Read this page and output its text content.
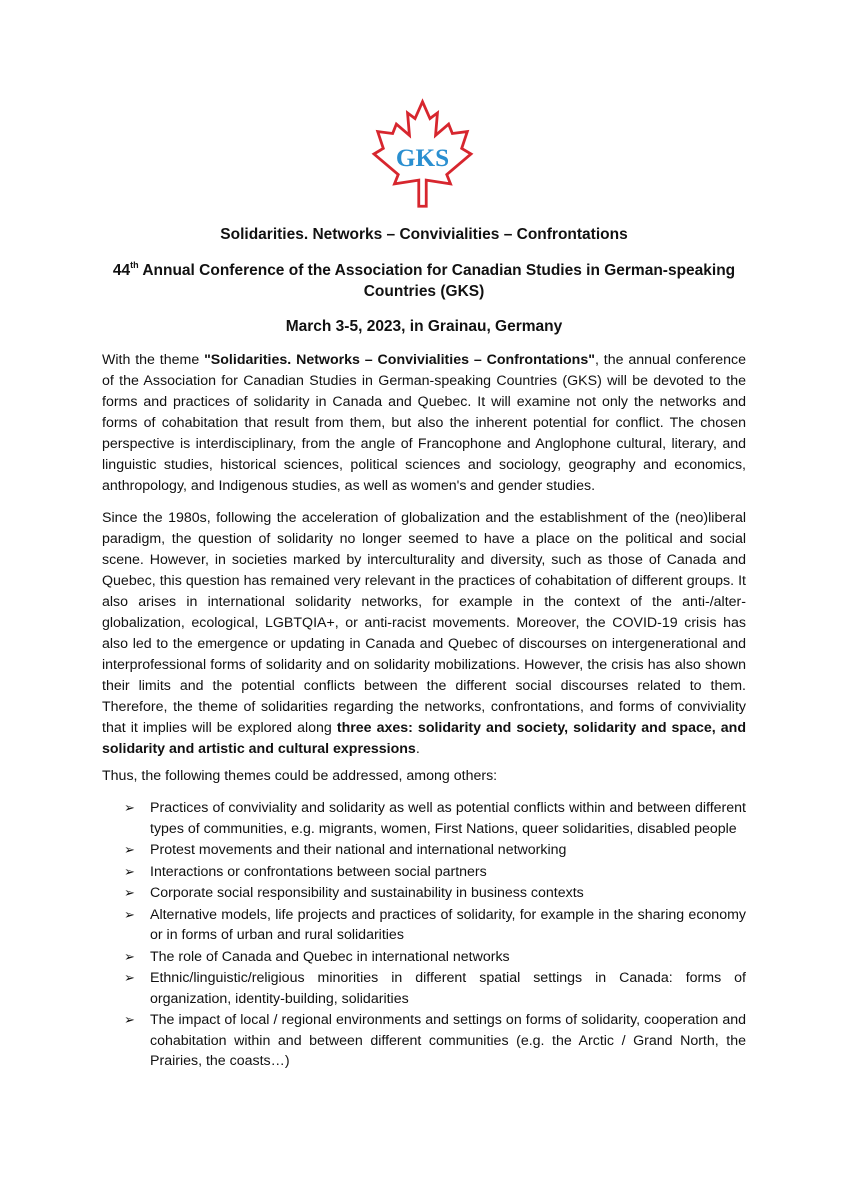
GKS
Solidarities. Networks – Convivialities – Confrontations
44th Annual Conference of the Association for Canadian Studies in German-speaking Countries (GKS)
March 3-5, 2023, in Grainau, Germany

With the theme "Solidarities. Networks – Convivialities – Confrontations", the annual conference of the Association for Canadian Studies in German-speaking Countries (GKS) will be devoted to the forms and practices of solidarity in Canada and Quebec. It will examine not only the networks and forms of cohabitation that result from them, but also the inherent potential for conflict. The chosen perspective is interdisciplinary, from the angle of Francophone and Anglophone cultural, literary, and linguistic studies, historical sciences, political sciences and sociology, geography and economics, anthropology, and Indigenous studies, as well as women's and gender studies.

Since the 1980s, following the acceleration of globalization and the establishment of the (neo)liberal paradigm, the question of solidarity no longer seemed to have a place on the political and social scene. However, in societies marked by interculturality and diversity, such as those of Canada and Quebec, this question has remained very relevant in the practices of cohabitation of different groups. It also arises in international solidarity networks, for example in the context of the anti-/alter-globalization, ecological, LGBTQIA+, or anti-racist movements. Moreover, the COVID-19 crisis has also led to the emergence or updating in Canada and Quebec of discourses on intergenerational and interprofessional forms of solidarity and on solidarity mobilizations. However, the crisis has also shown their limits and the potential conflicts between the different social discourses related to them. Therefore, the theme of solidarities regarding the networks, confrontations, and forms of conviviality that it implies will be explored along three axes: solidarity and society, solidarity and space, and solidarity and artistic and cultural expressions.

Thus, the following themes could be addressed, among others:

➢ Practices of conviviality and solidarity as well as potential conflicts within and between different types of communities, e.g. migrants, women, First Nations, queer solidarities, disabled people
➢ Protest movements and their national and international networking
➢ Interactions or confrontations between social partners
➢ Corporate social responsibility and sustainability in business contexts
➢ Alternative models, life projects and practices of solidarity, for example in the sharing economy or in forms of urban and rural solidarities
➢ The role of Canada and Quebec in international networks
➢ Ethnic/linguistic/religious minorities in different spatial settings in Canada: forms of organization, identity-building, solidarities
➢ The impact of local / regional environments and settings on forms of solidarity, cooperation and cohabitation within and between different communities (e.g. the Arctic / Grand North, the Prairies, the coasts…)
